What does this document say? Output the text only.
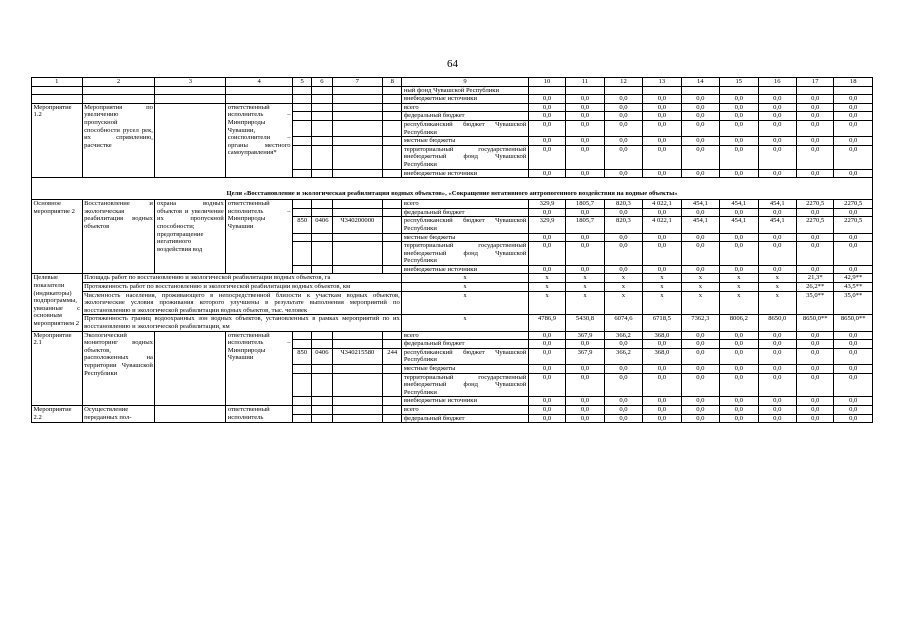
64
1	2	3	4	5	6	7	8	9	10	11	12	13	14	15	16	17	18
								ный фонд Чувашской Республики									
								внебюджетные источники	0,0	0,0	0,0	0,0	0,0	0,0	0,0	0,0	0,0
Мероприятие 1.2	Мероприятия по увеличению пропускной способности русел рек, их спрямлению, расчистке		ответственный исполнитель – Минприроды Чувашии, соисполнители – органы местного самоуправления*					всего	0,0	0,0	0,0	0,0	0,0	0,0	0,0	0,0	0,0
								федеральный бюджет	0,0	0,0	0,0	0,0	0,0	0,0	0,0	0,0	0,0
								республиканский бюджет Чувашской Республики	0,0	0,0	0,0	0,0	0,0	0,0	0,0	0,0	0,0
								местные бюджеты	0,0	0,0	0,0	0,0	0,0	0,0	0,0	0,0	0,0
								территориальный государственный внебюджетный фонд Чувашской Республики	0,0	0,0	0,0	0,0	0,0	0,0	0,0	0,0	0,0
								внебюджетные источники	0,0	0,0	0,0	0,0	0,0	0,0	0,0	0,0	0,0
Цели «Восстановление и экологическая реабилитация водных объектов», «Сокращение негативного антропогенного воздействия на водные объекты»																	
Основное мероприятие 2	Восстановление и экологическая реабилитация водных объектов	охрана водных объектов и увеличение их пропускной способности; предотвращение негативного воздействия вод	ответственный исполнитель – Минприроды Чувашии					всего	329,9	1805,7	820,3	4 022,1	454,1	454,1	454,1	2270,5	2270,5
								федеральный бюджет	0,0	0,0	0,0	0,0	0,0	0,0	0,0	0,0	0,0
				850	0406	Ч340200000		республиканский бюджет Чувашской Республики	329,9	1805,7	820,3	4 022,1	454,1	454,1	454,1	2270,5	2270,5
								местные бюджеты	0,0	0,0	0,0	0,0	0,0	0,0	0,0	0,0	0,0
								территориальный государственный внебюджетный фонд Чувашской Республики	0,0	0,0	0,0	0,0	0,0	0,0	0,0	0,0	0,0
								внебюджетные источники	0,0	0,0	0,0	0,0	0,0	0,0	0,0	0,0	0,0
Целевые показатели (индикаторы) подпрограммы, увязанные с основным мероприятием 2	Площадь работ по восстановлению и экологической реабилитации водных объектов, га							x	x	x	x	x	x	x	x	21,3*	42,9**
	Протяженность работ по восстановлению и экологической реабилитации водных объектов, км							x	x	x	x	x	x	x	x	26,2**	43,5**
	Численность населения, проживающего в непосредственной близости к участкам водных объектов, экологические условия проживания которого улучшены в результате выполнения мероприятий по восстановлению и экологической реабилитации водных объектов, тыс. человек							x	x	x	x	x	x	x	x	35,0**	35,0**
	Протяженность границ водоохранных зон водных объектов, установленных в рамках мероприятий по их восстановлению и экологической реабилитации, км							x	4786,9	5430,8	6074,6	6718,5	7362,3	8006,2	8650,0	8650,0**	8650,0**
Мероприятие 2.1	Экологический мониторинг водных объектов, расположенных на территории Чувашской Республики		ответственный исполнитель – Минприроды Чувашии					всего	0,0	367,9	366,2	368,0	0,0	0,0	0,0	0,0	0,0
								федеральный бюджет	0,0	0,0	0,0	0,0	0,0	0,0	0,0	0,0	0,0
				850	0406	Ч340215580	244	республиканский бюджет Чувашской Республики	0,0	367,9	366,2	368,0	0,0	0,0	0,0	0,0	0,0
								местные бюджеты	0,0	0,0	0,0	0,0	0,0	0,0	0,0	0,0	0,0
								территориальный государственный внебюджетный фонд Чувашской Республики	0,0	0,0	0,0	0,0	0,0	0,0	0,0	0,0	0,0
								внебюджетные источники	0,0	0,0	0,0	0,0	0,0	0,0	0,0	0,0	0,0
Мероприятие 2.2	Осуществление переданных пол-		ответственный исполнитель					всего	0,0	0,0	0,0	0,0	0,0	0,0	0,0	0,0	0,0
								федеральный бюджет	0,0	0,0	0,0	0,0	0,0	0,0	0,0	0,0	0,0
